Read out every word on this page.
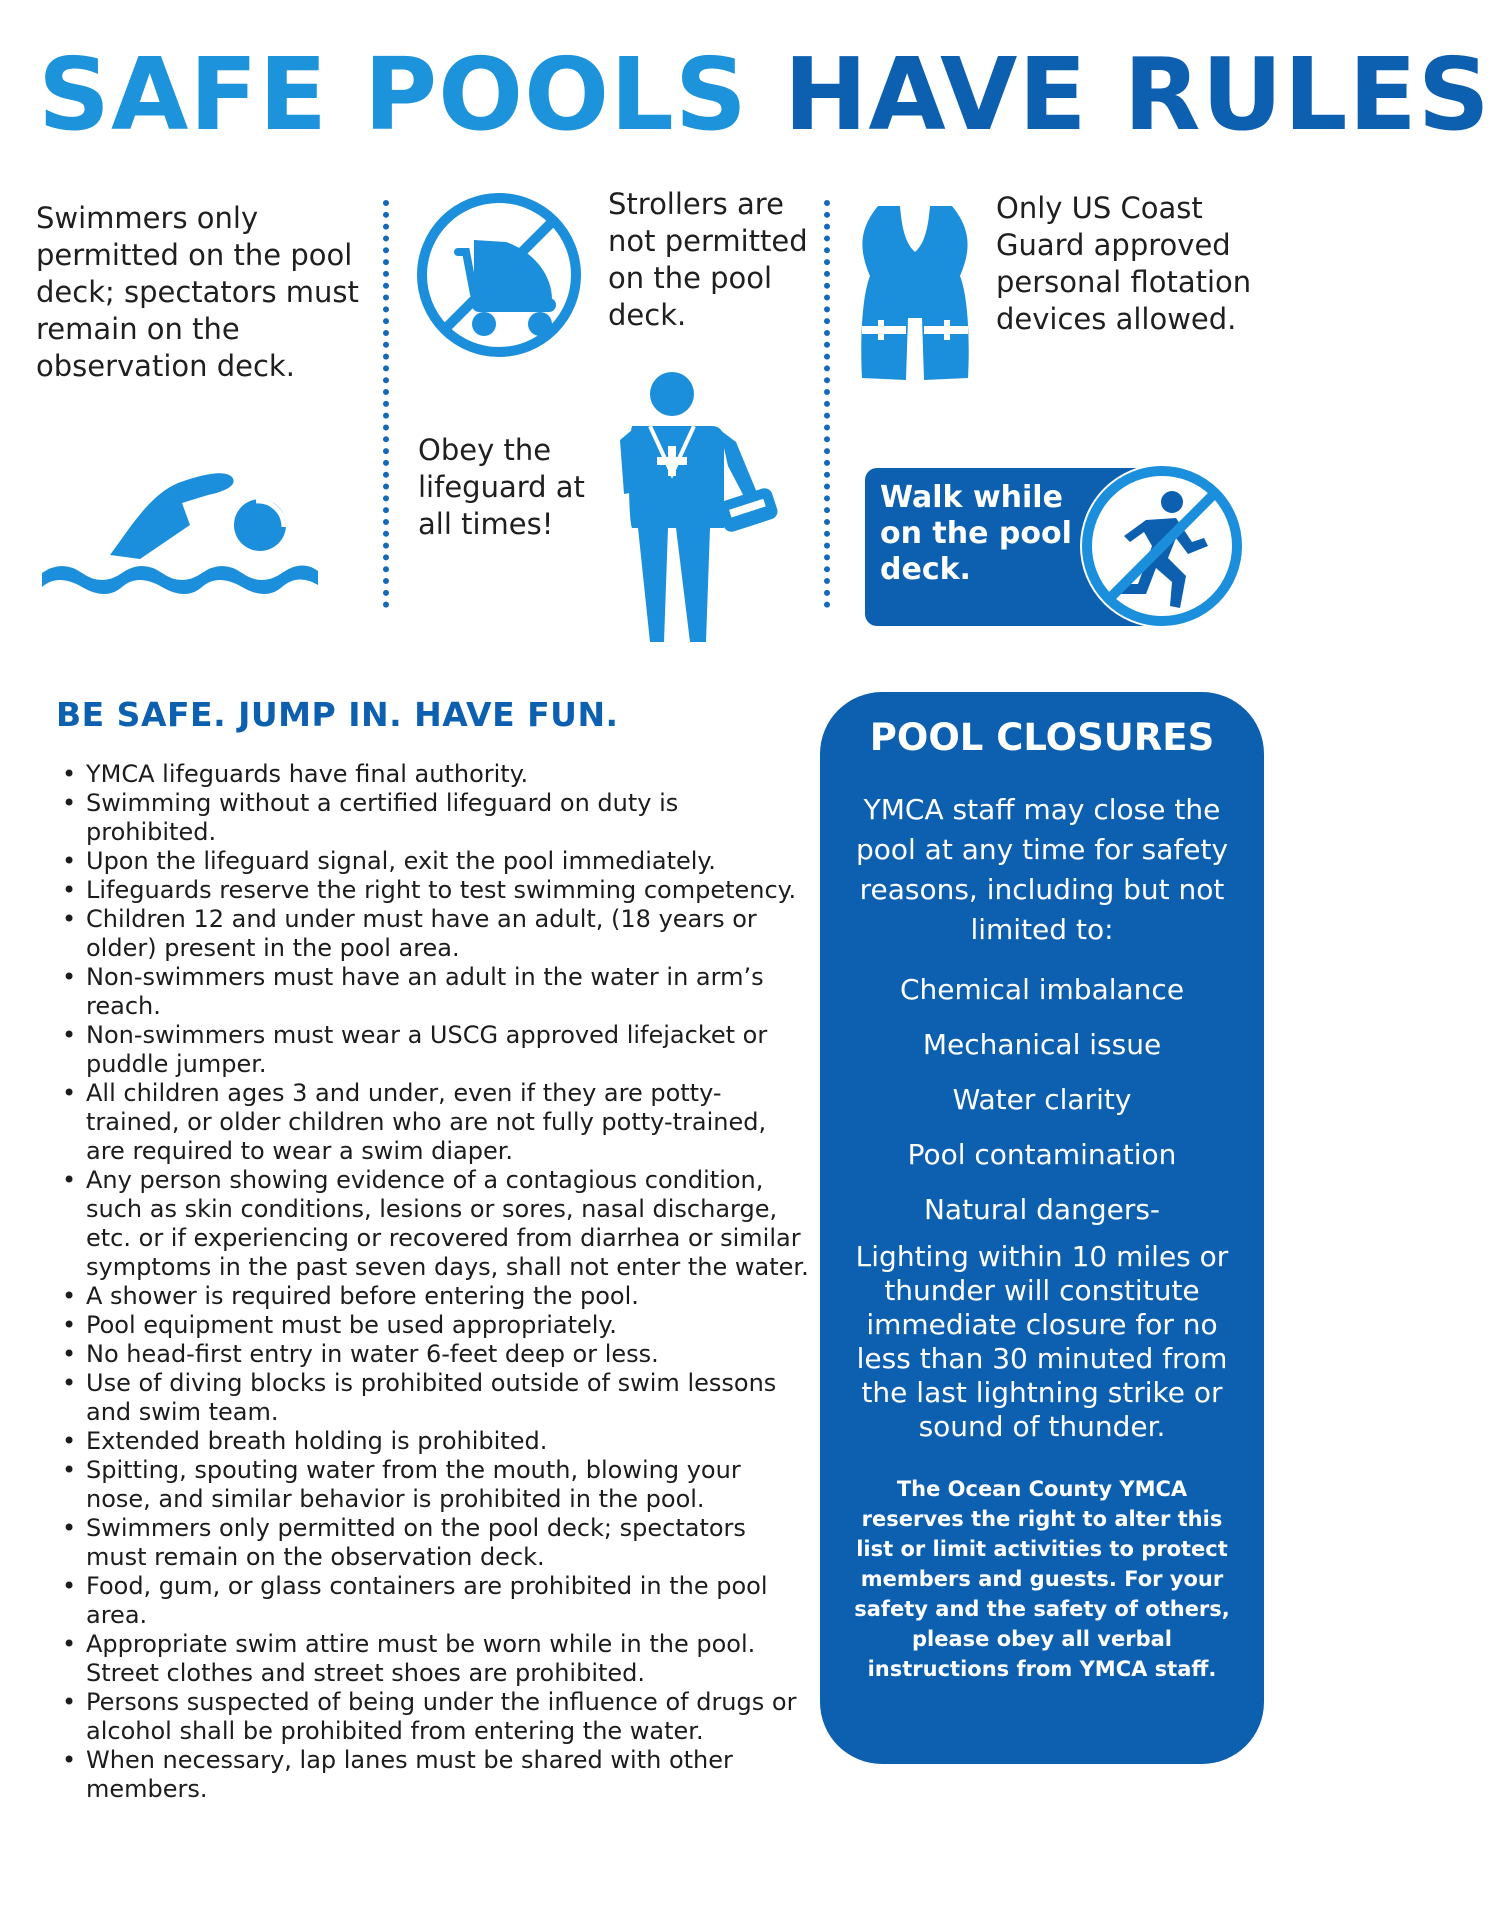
SAFE POOLS HAVE RULES
Swimmers only permitted on the pool deck; spectators must remain on the observation deck.
Strollers are not permitted on the pool deck.
Only US Coast Guard approved personal flotation devices allowed.
Obey the lifeguard at all times!
Walk while on the pool deck.
BE SAFE. JUMP IN. HAVE FUN.
• YMCA lifeguards have final authority.
• Swimming without a certified lifeguard on duty is prohibited.
• Upon the lifeguard signal, exit the pool immediately.
• Lifeguards reserve the right to test swimming competency.
• Children 12 and under must have an adult, (18 years or older) present in the pool area.
• Non-swimmers must have an adult in the water in arm’s reach.
• Non-swimmers must wear a USCG approved lifejacket or puddle jumper.
• All children ages 3 and under, even if they are potty-trained, or older children who are not fully potty-trained, are required to wear a swim diaper.
• Any person showing evidence of a contagious condition, such as skin conditions, lesions or sores, nasal discharge, etc. or if experiencing or recovered from diarrhea or similar symptoms in the past seven days, shall not enter the water.
• A shower is required before entering the pool.
• Pool equipment must be used appropriately.
• No head-first entry in water 6-feet deep or less.
• Use of diving blocks is prohibited outside of swim lessons and swim team.
• Extended breath holding is prohibited.
• Spitting, spouting water from the mouth, blowing your nose, and similar behavior is prohibited in the pool.
• Swimmers only permitted on the pool deck; spectators must remain on the observation deck.
• Food, gum, or glass containers are prohibited in the pool area.
• Appropriate swim attire must be worn while in the pool. Street clothes and street shoes are prohibited.
• Persons suspected of being under the influence of drugs or alcohol shall be prohibited from entering the water.
• When necessary, lap lanes must be shared with other members.
POOL CLOSURES
YMCA staff may close the pool at any time for safety reasons, including but not limited to:
Chemical imbalance
Mechanical issue
Water clarity
Pool contamination
Natural dangers-
Lighting within 10 miles or thunder will constitute immediate closure for no less than 30 minuted from the last lightning strike or sound of thunder.
The Ocean County YMCA reserves the right to alter this list or limit activities to protect members and guests. For your safety and the safety of others, please obey all verbal instructions from YMCA staff.
